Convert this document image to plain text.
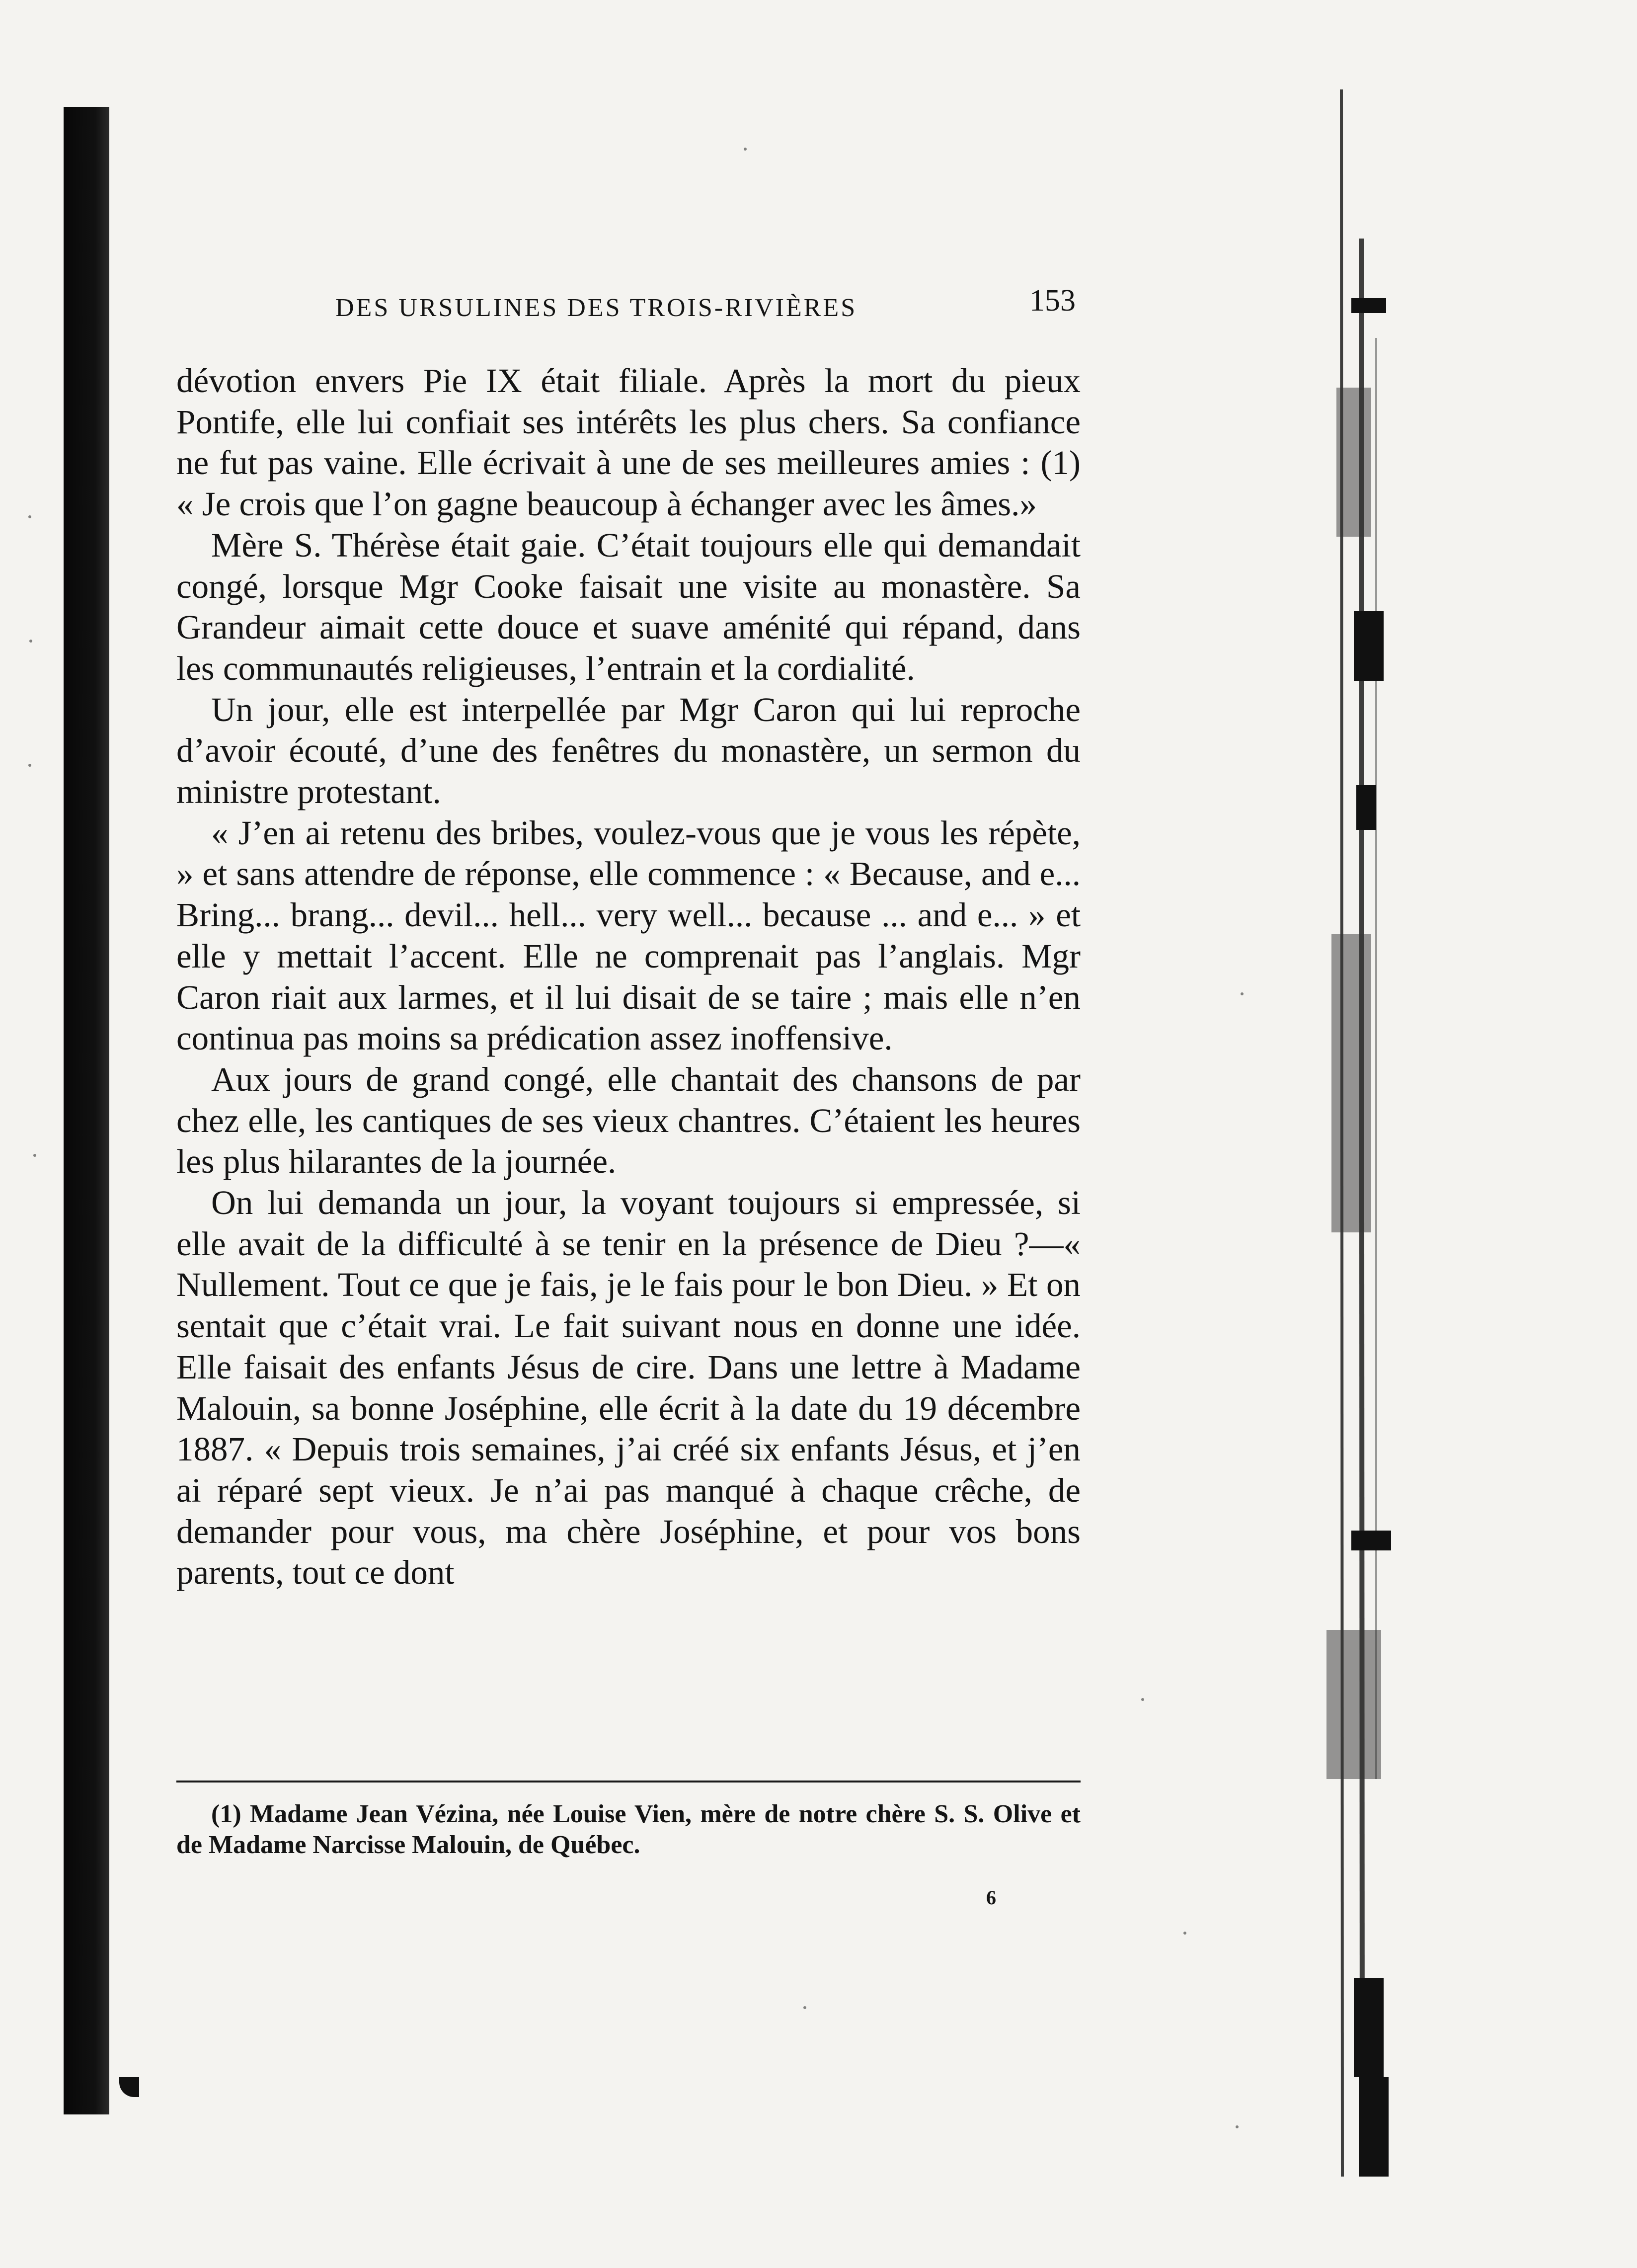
DES URSULINES DES TROIS-RIVIÈRES	153

dévotion envers Pie IX était filiale. Après la mort du pieux Pontife, elle lui confiait ses intérêts les plus chers. Sa confiance ne fut pas vaine. Elle écrivait à une de ses meilleures amies : (1) « Je crois que l’on gagne beaucoup à échanger avec les âmes.»

Mère S. Thérèse était gaie. C’était toujours elle qui demandait congé, lorsque Mgr Cooke faisait une visite au monastère. Sa Grandeur aimait cette douce et suave aménité qui répand, dans les communautés religieuses, l’entrain et la cordialité.

Un jour, elle est interpellée par Mgr Caron qui lui reproche d’avoir écouté, d’une des fenêtres du monastère, un sermon du ministre protestant.

« J’en ai retenu des bribes, voulez-vous que je vous les répète, » et sans attendre de réponse, elle commence : « Because, and e... Bring... brang... devil... hell... very well... because ... and e... » et elle y mettait l’accent. Elle ne comprenait pas l’anglais. Mgr Caron riait aux larmes, et il lui disait de se taire ; mais elle n’en continua pas moins sa prédication assez inoffensive.

Aux jours de grand congé, elle chantait des chansons de par chez elle, les cantiques de ses vieux chantres. C’étaient les heures les plus hilarantes de la journée.

On lui demanda un jour, la voyant toujours si empressée, si elle avait de la difficulté à se tenir en la présence de Dieu ?—« Nullement. Tout ce que je fais, je le fais pour le bon Dieu. » Et on sentait que c’était vrai. Le fait suivant nous en donne une idée. Elle faisait des enfants Jésus de cire. Dans une lettre à Madame Malouin, sa bonne Joséphine, elle écrit à la date du 19 décembre 1887. « Depuis trois semaines, j’ai créé six enfants Jésus, et j’en ai réparé sept vieux. Je n’ai pas manqué à chaque crêche, de demander pour vous, ma chère Joséphine, et pour vos bons parents, tout ce dont

(1) Madame Jean Vézina, née Louise Vien, mère de notre chère S. S. Olive et de Madame Narcisse Malouin, de Québec.

6
